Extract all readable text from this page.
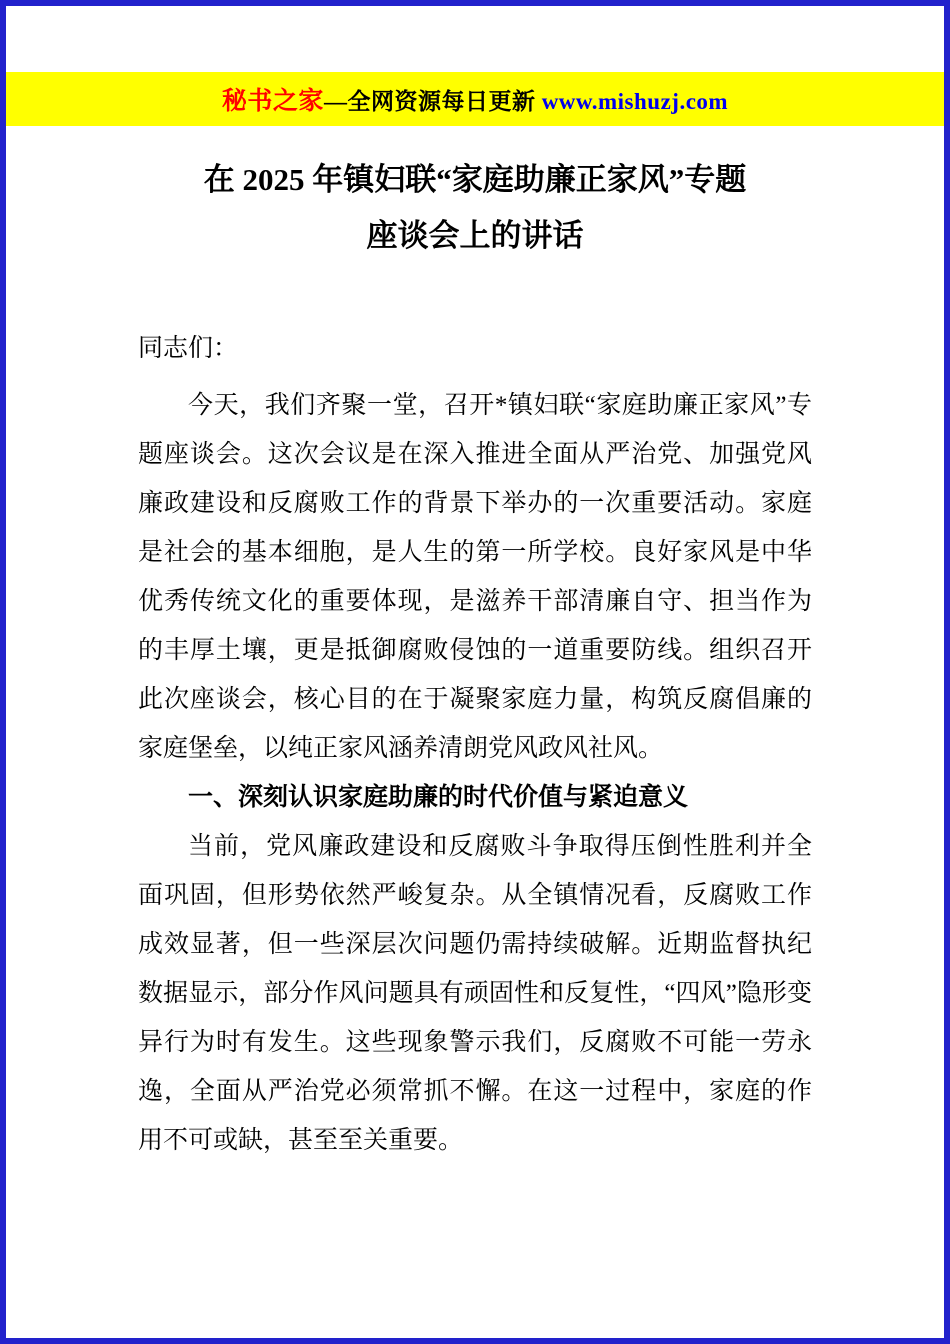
秘书之家—全网资源每日更新 www.mishuzj.com
在 2025 年镇妇联“家庭助廉正家风”专题
座谈会上的讲话

同志们：

今天，我们齐聚一堂，召开*镇妇联“家庭助廉正家风”专题座谈会。这次会议是在深入推进全面从严治党、加强党风廉政建设和反腐败工作的背景下举办的一次重要活动。家庭是社会的基本细胞，是人生的第一所学校。良好家风是中华优秀传统文化的重要体现，是滋养干部清廉自守、担当作为的丰厚土壤，更是抵御腐败侵蚀的一道重要防线。组织召开此次座谈会，核心目的在于凝聚家庭力量，构筑反腐倡廉的家庭堡垒，以纯正家风涵养清朗党风政风社风。

一、深刻认识家庭助廉的时代价值与紧迫意义

当前，党风廉政建设和反腐败斗争取得压倒性胜利并全面巩固，但形势依然严峻复杂。从全镇情况看，反腐败工作成效显著，但一些深层次问题仍需持续破解。近期监督执纪数据显示，部分作风问题具有顽固性和反复性，“四风”隐形变异行为时有发生。这些现象警示我们，反腐败不可能一劳永逸，全面从严治党必须常抓不懈。在这一过程中，家庭的作用不可或缺，甚至至关重要。
